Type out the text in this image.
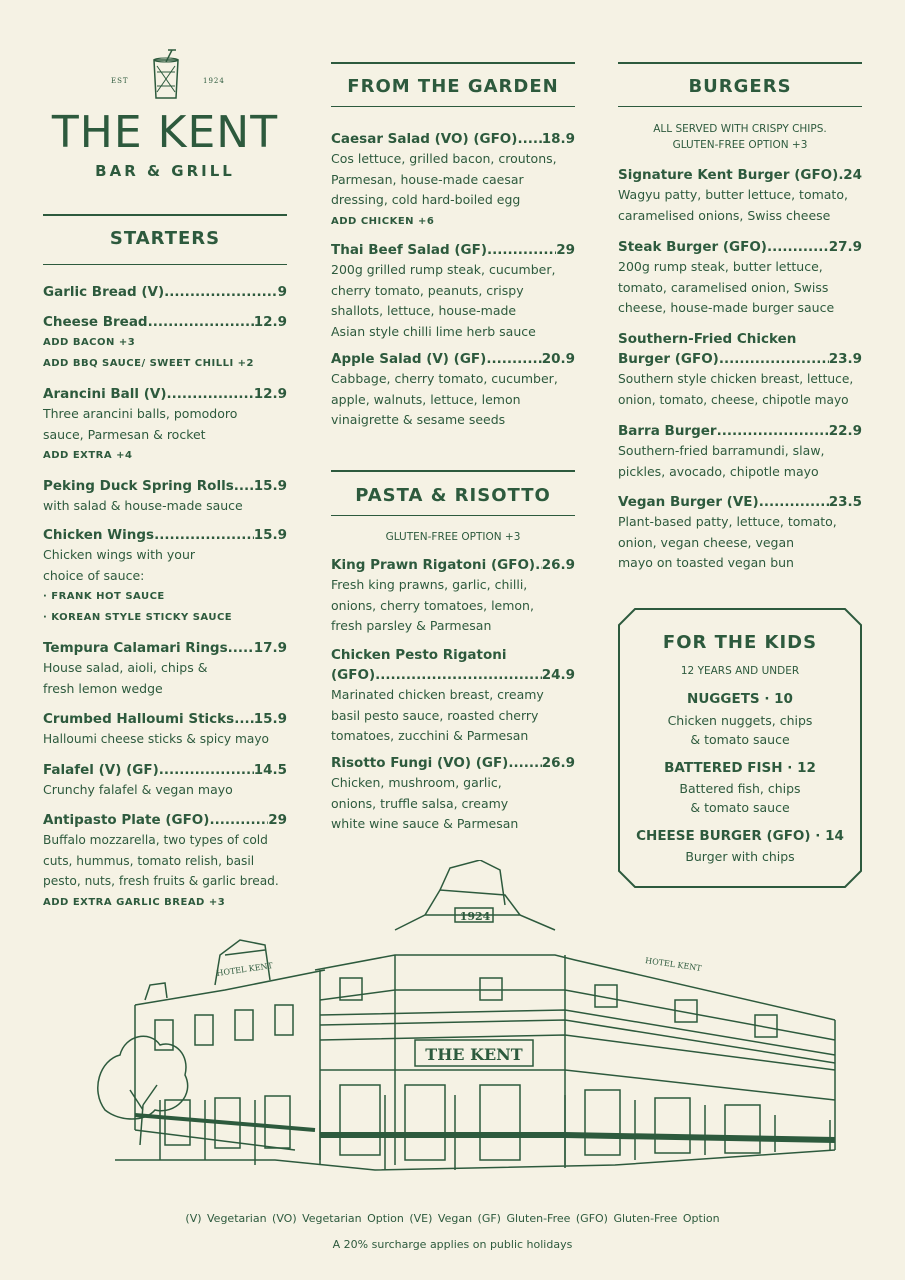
EST	1924
THE KENT
BAR & GRILL
STARTERS
Garlic Bread (V) .....	9
Cheese Bread .....	12.9
ADD BACON +3
ADD BBQ SAUCE/ SWEET CHILLI +2
Arancini Ball (V) .....	12.9
Three arancini balls, pomodoro
sauce, Parmesan & rocket
ADD EXTRA +4
Peking Duck Spring Rolls ..... 15.9
with salad & house-made sauce
Chicken Wings .....	15.9
Chicken wings with your
choice of sauce:
· FRANK HOT SAUCE
· KOREAN STYLE STICKY SAUCE
Tempura Calamari Rings ..... 17.9
House salad, aioli, chips &
fresh lemon wedge
Crumbed Halloumi Sticks ..... 15.9
Halloumi cheese sticks & spicy mayo
Falafel (V) (GF) .....	14.5
Crunchy falafel & vegan mayo
Antipasto Plate (GFO) .....	29
Buffalo mozzarella, two types of cold
cuts, hummus, tomato relish, basil
pesto, nuts, fresh fruits & garlic bread.
ADD EXTRA GARLIC BREAD +3
FROM THE GARDEN
Caesar Salad (VO) (GFO) ..... 18.9
Cos lettuce, grilled bacon, croutons,
Parmesan, house-made caesar
dressing, cold hard-boiled egg
ADD CHICKEN +6
Thai Beef Salad (GF) .....	29
200g grilled rump steak, cucumber,
cherry tomato, peanuts, crispy
shallots, lettuce, house-made
Asian style chilli lime herb sauce
Apple Salad (V) (GF) .....	20.9
Cabbage, cherry tomato, cucumber,
apple, walnuts, lettuce, lemon
vinaigrette & sesame seeds
PASTA & RISOTTO
GLUTEN-FREE OPTION +3
King Prawn Rigatoni (GFO) ..... 26.9
Fresh king prawns, garlic, chilli,
onions, cherry tomatoes, lemon,
fresh parsley & Parmesan
Chicken Pesto Rigatoni
(GFO) .....	24.9
Marinated chicken breast, creamy
basil pesto sauce, roasted cherry
tomatoes, zucchini & Parmesan
Risotto Fungi (VO) (GF) ..... 26.9
Chicken, mushroom, garlic,
onions, truffle salsa, creamy
white wine sauce & Parmesan
BURGERS
ALL SERVED WITH CRISPY CHIPS.
GLUTEN-FREE OPTION +3
Signature Kent Burger (GFO) ..... 24
Wagyu patty, butter lettuce, tomato,
caramelised onions, Swiss cheese
Steak Burger (GFO) .....	27.9
200g rump steak, butter lettuce,
tomato, caramelised onion, Swiss
cheese, house-made burger sauce
Southern-Fried Chicken
Burger (GFO) .....	23.9
Southern style chicken breast, lettuce,
onion, tomato, cheese, chipotle mayo
Barra Burger .....	22.9
Southern-fried barramundi, slaw,
pickles, avocado, chipotle mayo
Vegan Burger (VE) .....	23.5
Plant-based patty, lettuce, tomato,
onion, vegan cheese, vegan
mayo on toasted vegan bun
FOR THE KIDS
12 YEARS AND UNDER
NUGGETS · 10
Chicken nuggets, chips
& tomato sauce
BATTERED FISH · 12
Battered fish, chips
& tomato sauce
CHEESE BURGER (GFO) · 14
Burger with chips
1924
THE KENT
HOTEL KENT	HOTEL KENT
(V) Vegetarian (VO) Vegetarian Option (VE) Vegan (GF) Gluten-Free (GFO) Gluten-Free Option
A 20% surcharge applies on public holidays
